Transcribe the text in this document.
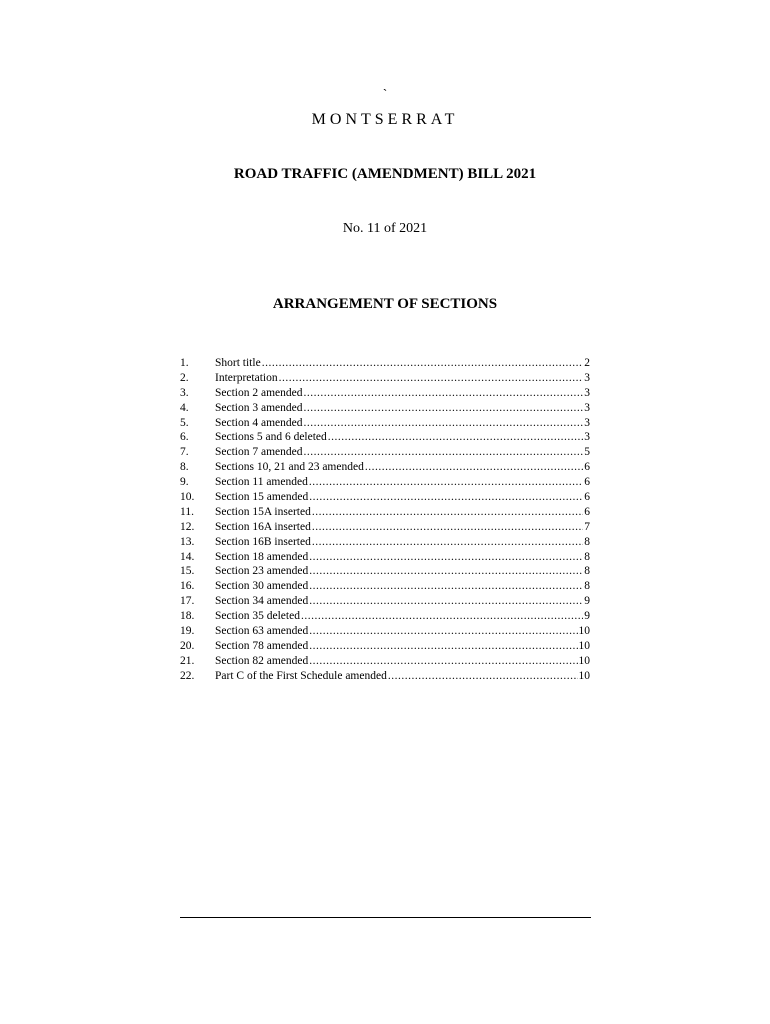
`
MONTSERRAT
ROAD TRAFFIC (AMENDMENT) BILL 2021
No. 11 of 2021
ARRANGEMENT OF SECTIONS
1.	Short title .....	2
2.	Interpretation .....	3
3.	Section 2 amended .....	3
4.	Section 3 amended .....	3
5.	Section 4 amended .....	3
6.	Sections 5 and 6 deleted .....	3
7.	Section 7 amended .....	5
8.	Sections 10, 21 and 23 amended .....	6
9.	Section 11 amended .....	6
10.	Section 15 amended .....	6
11.	Section 15A inserted .....	6
12.	Section 16A inserted .....	7
13.	Section 16B inserted .....	8
14.	Section 18 amended .....	8
15.	Section 23 amended .....	8
16.	Section 30 amended .....	8
17.	Section 34 amended .....	9
18.	Section 35 deleted .....	9
19.	Section 63 amended .....	10
20.	Section 78 amended .....	10
21.	Section 82 amended .....	10
22.	Part C of the First Schedule amended .....	10
